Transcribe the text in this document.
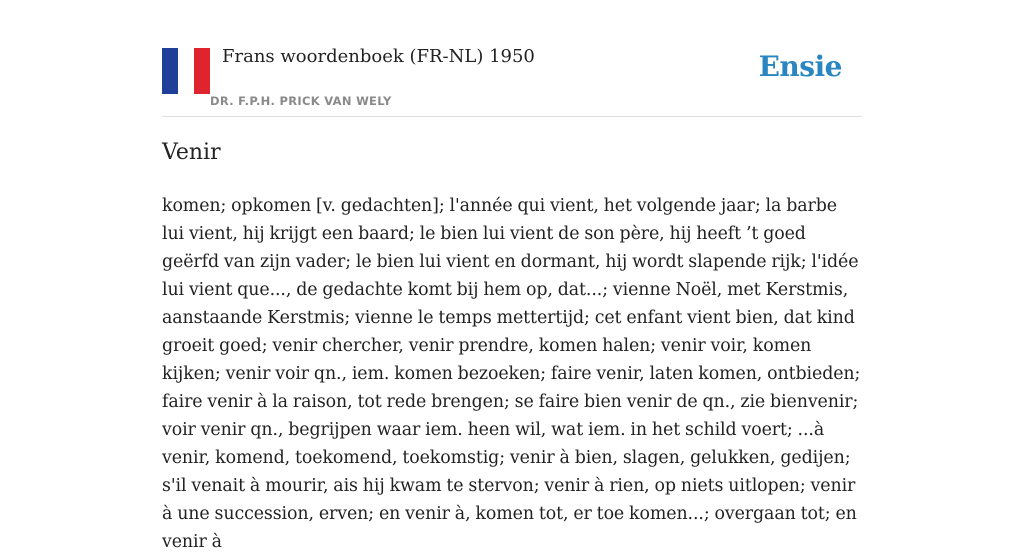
Frans woordenboek (FR-NL) 1950
DR. F.P.H. PRICK VAN WELY
Ensie
Venir

komen; opkomen [v. gedachten]; l'année qui vient, het volgende jaar; la barbe lui vient, hij krijgt een baard; le bien lui vient de son père, hij heeft ’t goed geërfd van zijn vader; le bien lui vient en dormant, hij wordt slapende rijk; l'idée lui vient que..., de gedachte komt bij hem op, dat...; vienne Noël, met Kerstmis, aanstaande Kerstmis; vienne le temps mettertijd; cet enfant vient bien, dat kind groeit goed; venir chercher, venir prendre, komen halen; venir voir, komen kijken; venir voir qn., iem. komen bezoeken; faire venir, laten komen, ontbieden; faire venir à la raison, tot rede brengen; se faire bien venir de qn., zie bienvenir; voir venir qn., begrijpen waar iem. heen wil, wat iem. in het schild voert; ...à venir, komend, toekomend, toekomstig; venir à bien, slagen, gelukken, gedijen; s'il venait à mourir, ais hij kwam te stervon; venir à rien, op niets uitlopen; venir à une succession, erven; en venir à, komen tot, er toe komen...; overgaan tot; en venir à
